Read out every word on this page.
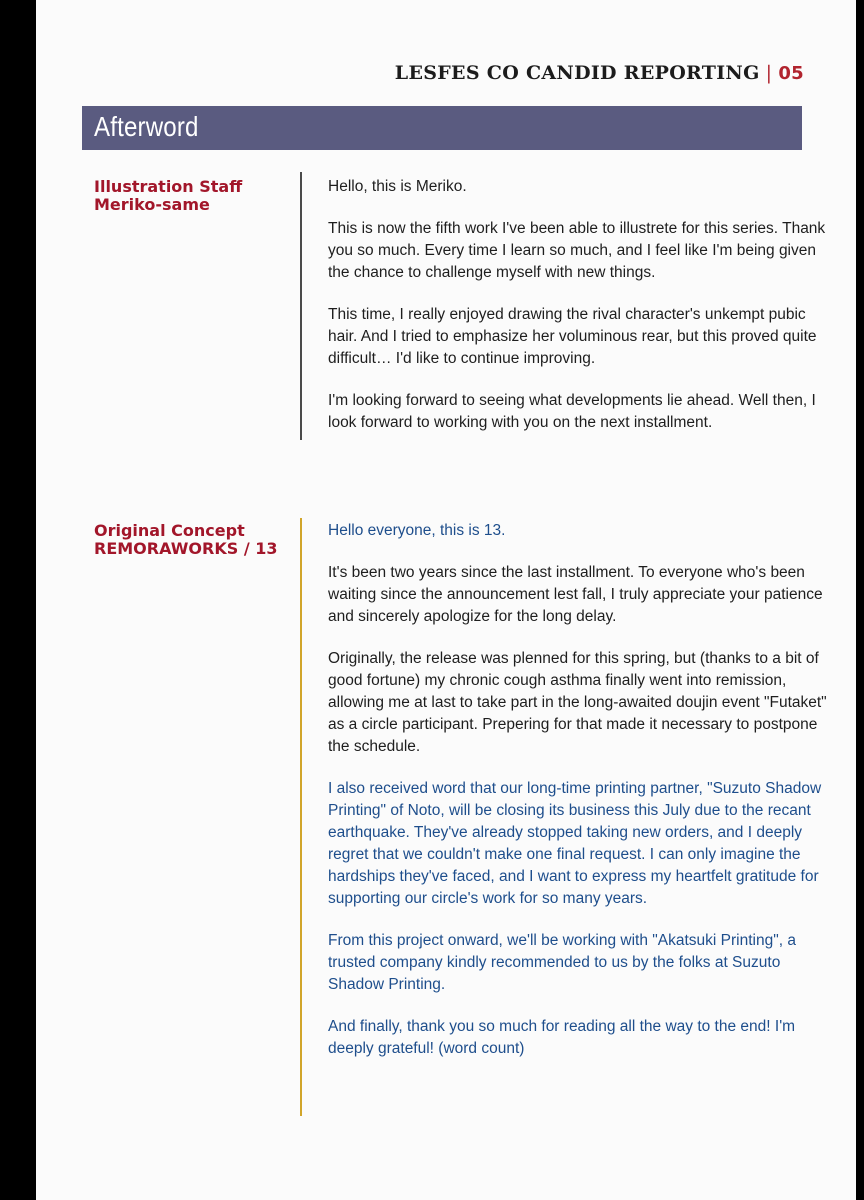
LESFES CO CANDID REPORTING | 05
Afterword
Illustration Staff
Meriko-same

Hello, this is Meriko.

This is now the fifth work I've been able to illustrete for this series. Thank you so much. Every time I learn so much, and I feel like I'm being given the chance to challenge myself with new things.

This time, I really enjoyed drawing the rival character's unkempt pubic hair. And I tried to emphasize her voluminous rear, but this proved quite difficult… I'd like to continue improving.

I'm looking forward to seeing what developments lie ahead. Well then, I look forward to working with you on the next installment.

Original Concept
REMORAWORKS / 13

Hello everyone, this is 13.

It's been two years since the last installment. To everyone who's been waiting since the announcement lest fall, I truly appreciate your patience and sincerely apologize for the long delay.

Originally, the release was plenned for this spring, but (thanks to a bit of good fortune) my chronic cough asthma finally went into remission, allowing me at last to take part in the long-awaited doujin event "Futaket" as a circle participant. Prepering for that made it necessary to postpone the schedule.

I also received word that our long-time printing partner, "Suzuto Shadow Printing" of Noto, will be closing its business this July due to the recant earthquake. They've already stopped taking new orders, and I deeply regret that we couldn't make one final request. I can only imagine the hardships they've faced, and I want to express my heartfelt gratitude for supporting our circle's work for so many years.

From this project onward, we'll be working with "Akatsuki Printing", a trusted company kindly recommended to us by the folks at Suzuto Shadow Printing.

And finally, thank you so much for reading all the way to the end! I'm deeply grateful! (word count)
